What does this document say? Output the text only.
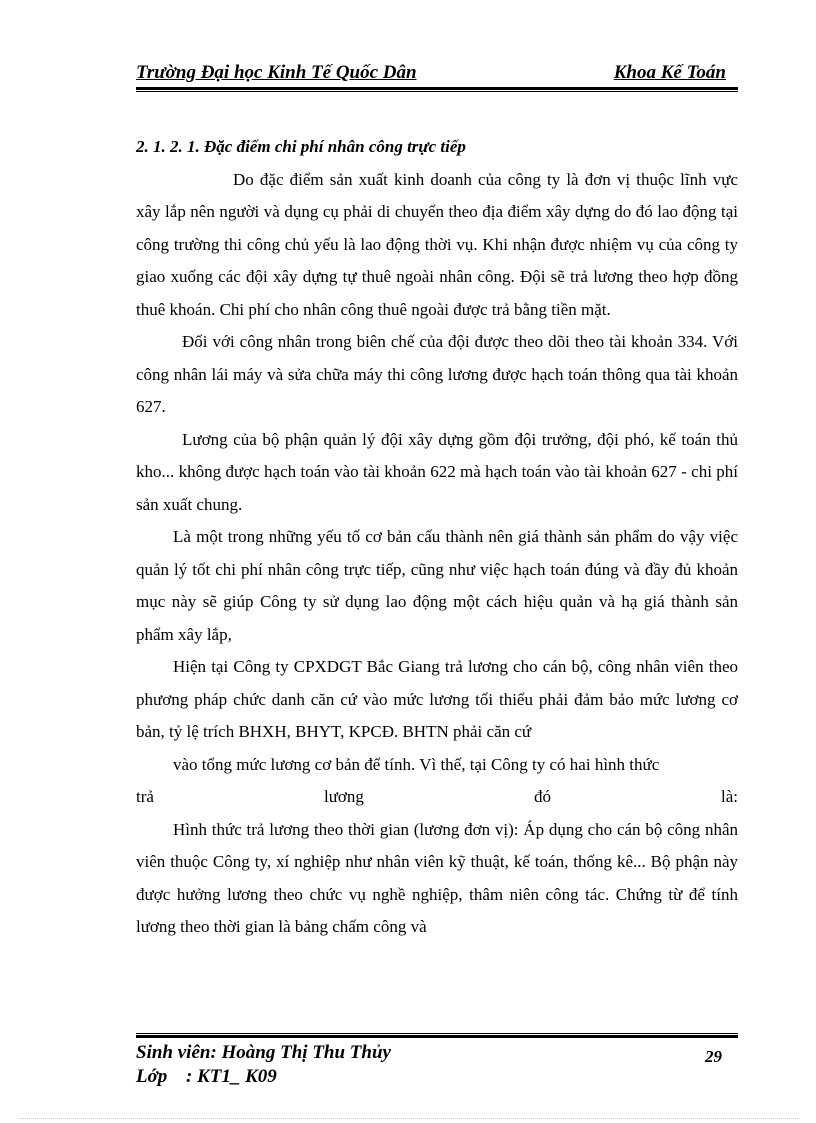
Trường Đại học Kinh Tế Quốc Dân	Khoa Kế Toán

2. 1. 2. 1. Đặc điểm chi phí nhân công trực tiếp

Do đặc điểm sản xuất kinh doanh của công ty là đơn vị thuộc lĩnh vực xây lắp nên người và dụng cụ phải di chuyển theo địa điểm xây dựng do đó lao động tại công trường thi công chủ yếu là lao động thời vụ. Khi nhận được nhiệm vụ của công ty giao xuống các đội xây dựng tự thuê ngoài nhân công. Đội sẽ trả lương theo hợp đồng thuê khoán. Chi phí cho nhân công thuê ngoài được trả bằng tiền mặt.

Đối với công nhân trong biên chế của đội được theo dõi theo tài khoản 334. Với công nhân lái máy và sửa chữa máy thi công lương được hạch toán thông qua tài khoản 627.

Lương của bộ phận quản lý đội xây dựng gồm đội trưởng, đội phó, kế toán thủ kho... không được hạch toán vào tài khoản 622 mà hạch toán vào tài khoản 627 - chi phí sản xuất chung.

Là một trong những yếu tố cơ bản cấu thành nên giá thành sản phẩm do vậy việc quản lý tốt chi phí nhân công trực tiếp, cũng như việc hạch toán đúng và đầy đủ khoản mục này sẽ giúp Công ty sử dụng lao động một cách hiệu quản và hạ giá thành sản phẩm xây lắp,

Hiện tại Công ty CPXDGT Bắc Giang trả lương cho cán bộ, công nhân viên theo phương pháp chức danh căn cứ vào mức lương tối thiểu phải đảm bảo mức lương cơ bản, tỷ lệ trích BHXH, BHYT, KPCĐ. BHTN phải căn cứ

vào tổng mức lương cơ bản để tính. Vì thế, tại Công ty có hai hình thức

trả	lương	đó	là:

Hình thức trả lương theo thời gian (lương đơn vị): Áp dụng cho cán bộ công nhân viên thuộc Công ty, xí nghiệp như nhân viên kỹ thuật, kế toán, thống kê... Bộ phận này được hưởng lương theo chức vụ nghề nghiệp, thâm niên công tác. Chứng từ để tính lương theo thời gian là bảng chấm công và

Sinh viên: Hoàng Thị Thu Thủy
Lớp : KT1_ K09
29
